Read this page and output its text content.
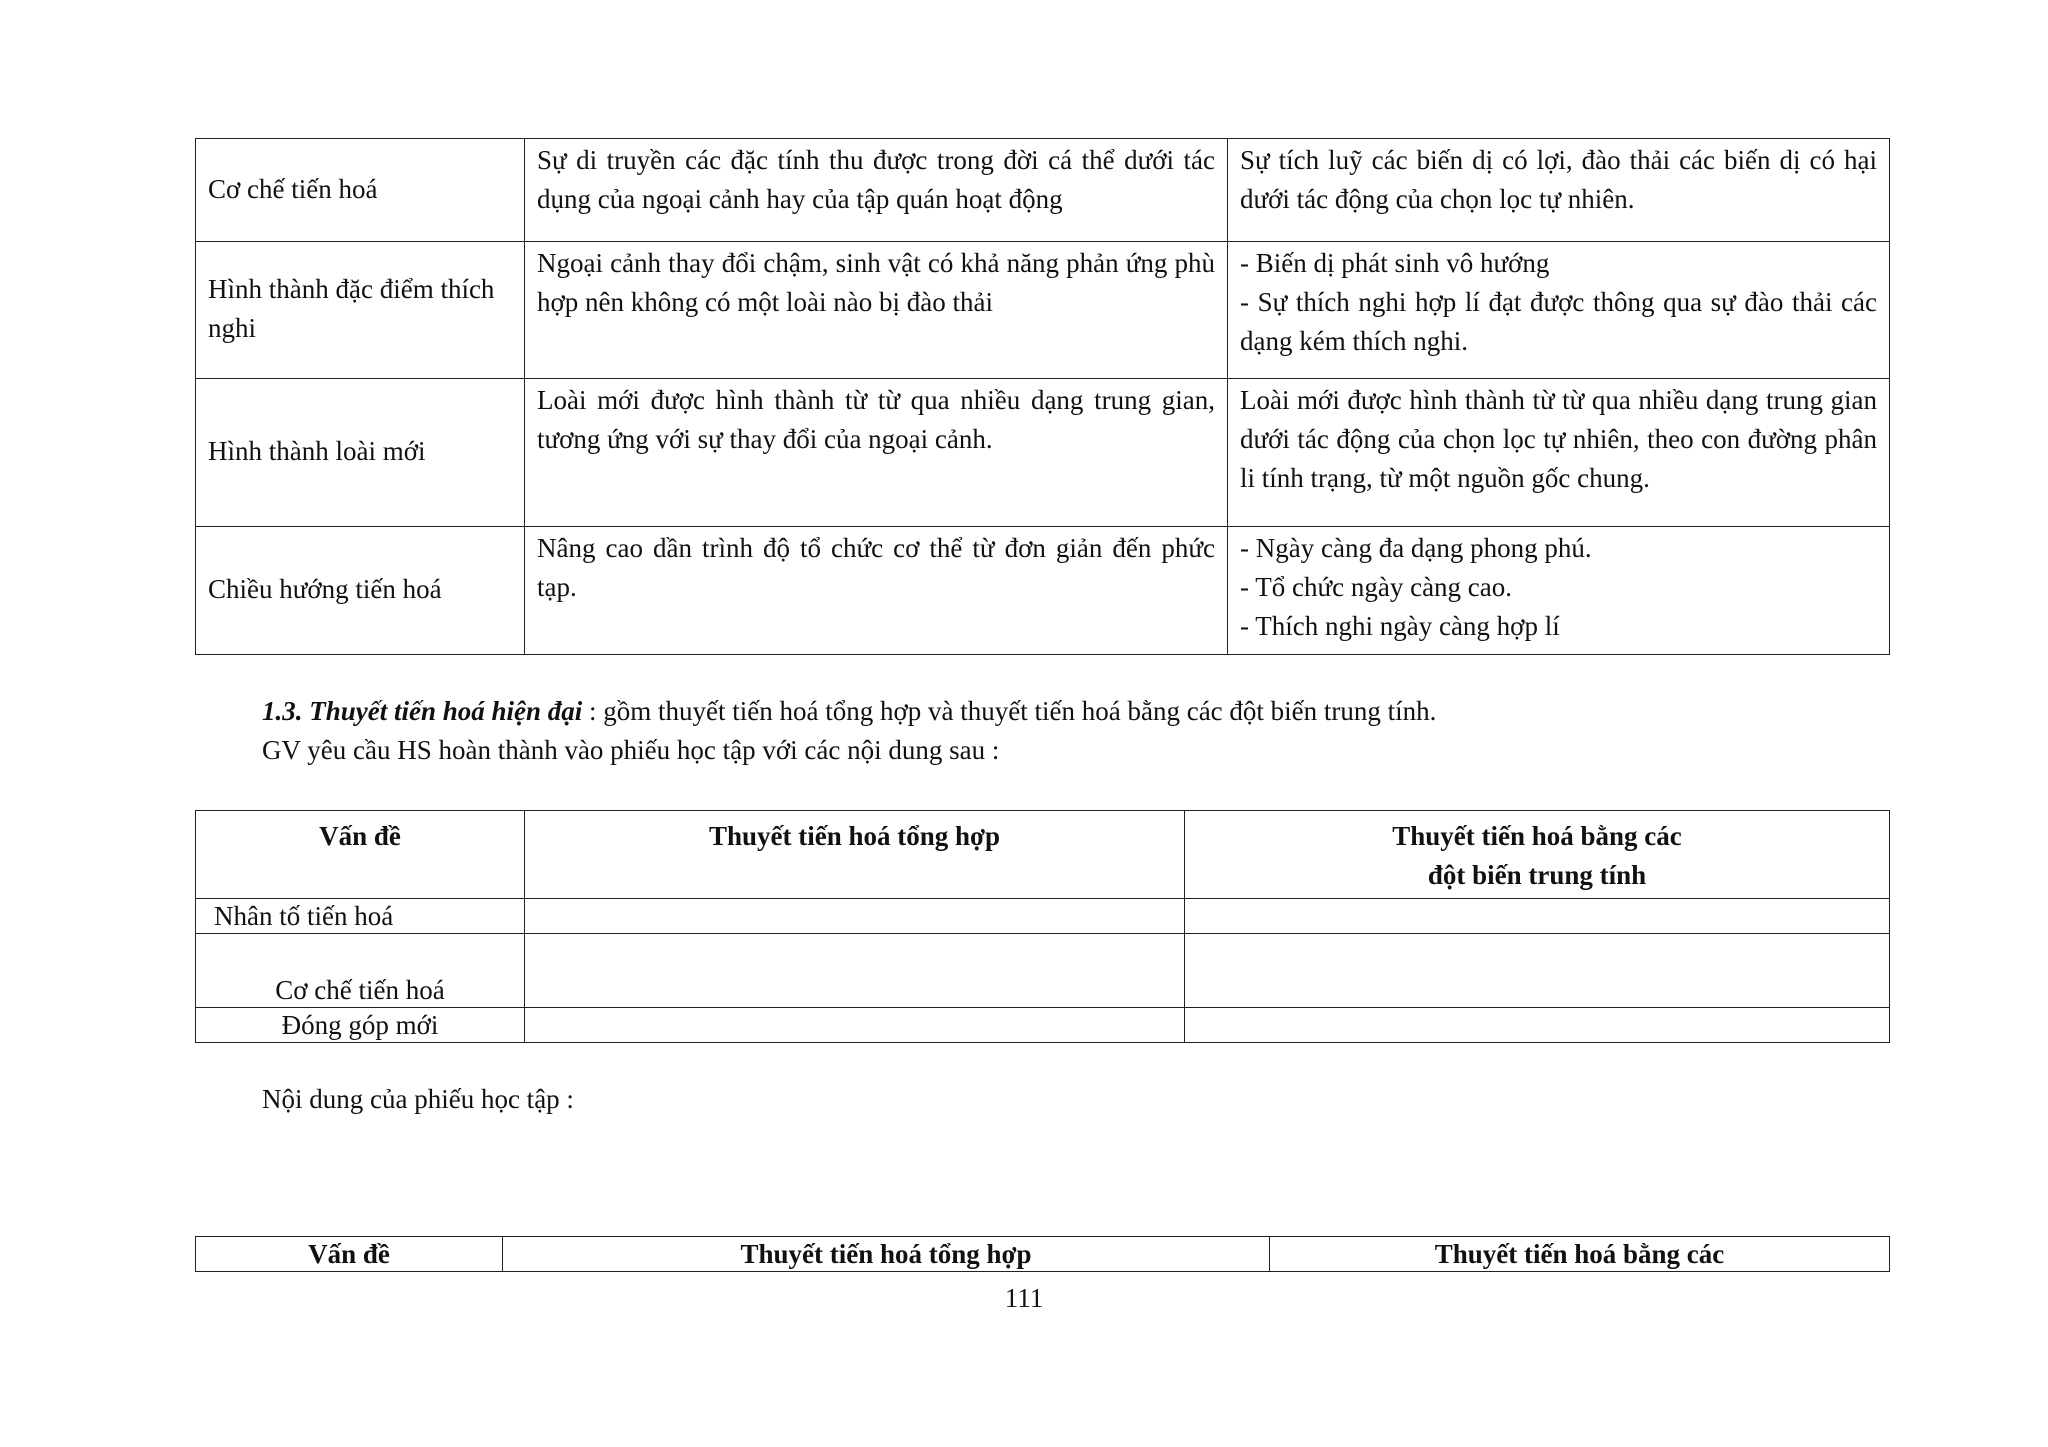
Cơ chế tiến hoá	Sự di truyền các đặc tính thu được trong đời cá thể dưới tác dụng của ngoại cảnh hay của tập quán hoạt động	Sự tích luỹ các biến dị có lợi, đào thải các biến dị có hại dưới tác động của chọn lọc tự nhiên.

Hình thành đặc điểm thích nghi	Ngoại cảnh thay đổi chậm, sinh vật có khả năng phản ứng phù hợp nên không có một loài nào bị đào thải	- Biến dị phát sinh vô hướng
- Sự thích nghi hợp lí đạt được thông qua sự đào thải các dạng kém thích nghi.

Hình thành loài mới	Loài mới được hình thành từ từ qua nhiều dạng trung gian, tương ứng với sự thay đổi của ngoại cảnh.	Loài mới được hình thành từ từ qua nhiều dạng trung gian dưới tác động của chọn lọc tự nhiên, theo con đường phân li tính trạng, từ một nguồn gốc chung.

Chiều hướng tiến hoá	Nâng cao dần trình độ tổ chức cơ thể từ đơn giản đến phức tạp.	- Ngày càng đa dạng phong phú.
- Tổ chức ngày càng cao.
- Thích nghi ngày càng hợp lí
1.3. Thuyết tiến hoá hiện đại : gồm thuyết tiến hoá tổng hợp và thuyết tiến hoá bằng các đột biến trung tính.
GV yêu cầu HS hoàn thành vào phiếu học tập với các nội dung sau :
Vấn đề	Thuyết tiến hoá tổng hợp	Thuyết tiến hoá bằng các
đột biến trung tính

Nhân tố tiến hoá		
Cơ chế tiến hoá		
Đóng góp mới		
Nội dung của phiếu học tập :
Vấn đề	Thuyết tiến hoá tổng hợp	Thuyết tiến hoá bằng các
111
